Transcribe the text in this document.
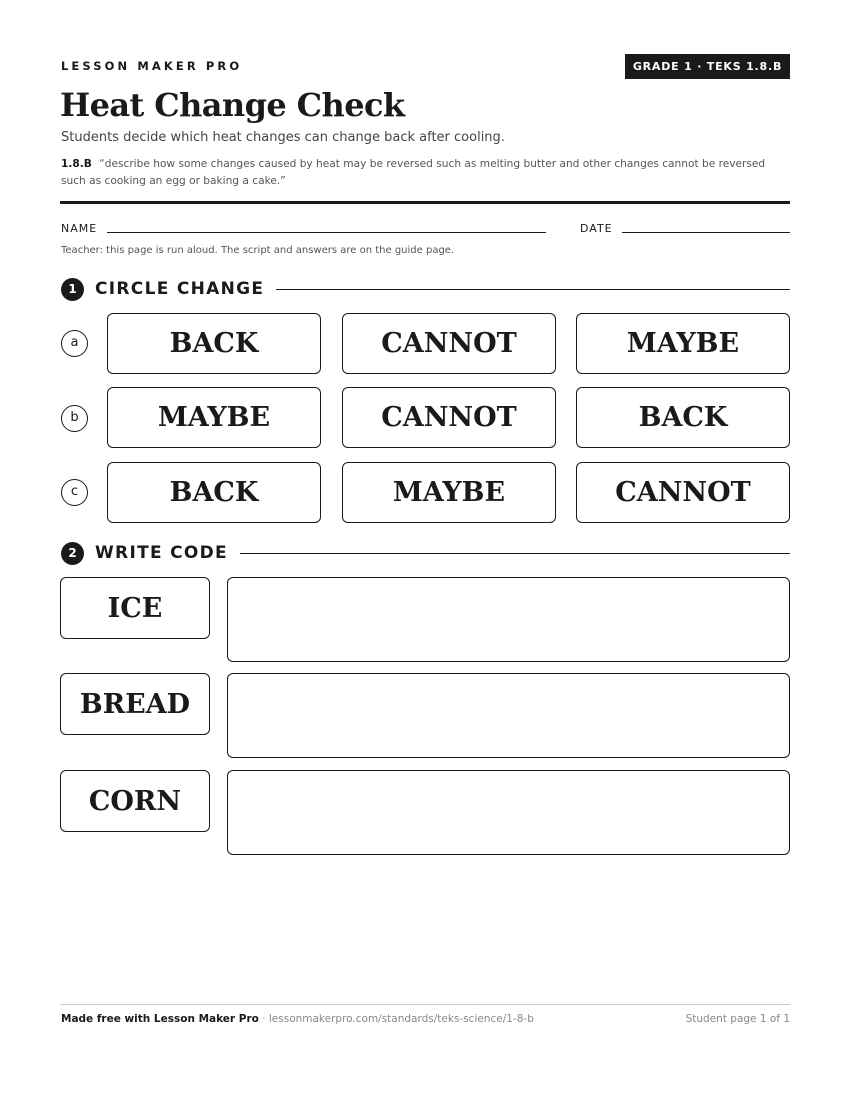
LESSON MAKER PRO	GRADE 1 · TEKS 1.8.B
Heat Change Check
Students decide which heat changes can change back after cooling.
1.8.B “describe how some changes caused by heat may be reversed such as melting butter and other changes cannot be reversed such as cooking an egg or baking a cake.”
NAME	DATE
Teacher: this page is run aloud. The script and answers are on the guide page.
1	CIRCLE CHANGE
a	BACK	CANNOT	MAYBE
b	MAYBE	CANNOT	BACK
c	BACK	MAYBE	CANNOT
2	WRITE CODE
ICE
BREAD
CORN
Made free with Lesson Maker Pro · lessonmakerpro.com/standards/teks-science/1-8-b	Student page 1 of 1
